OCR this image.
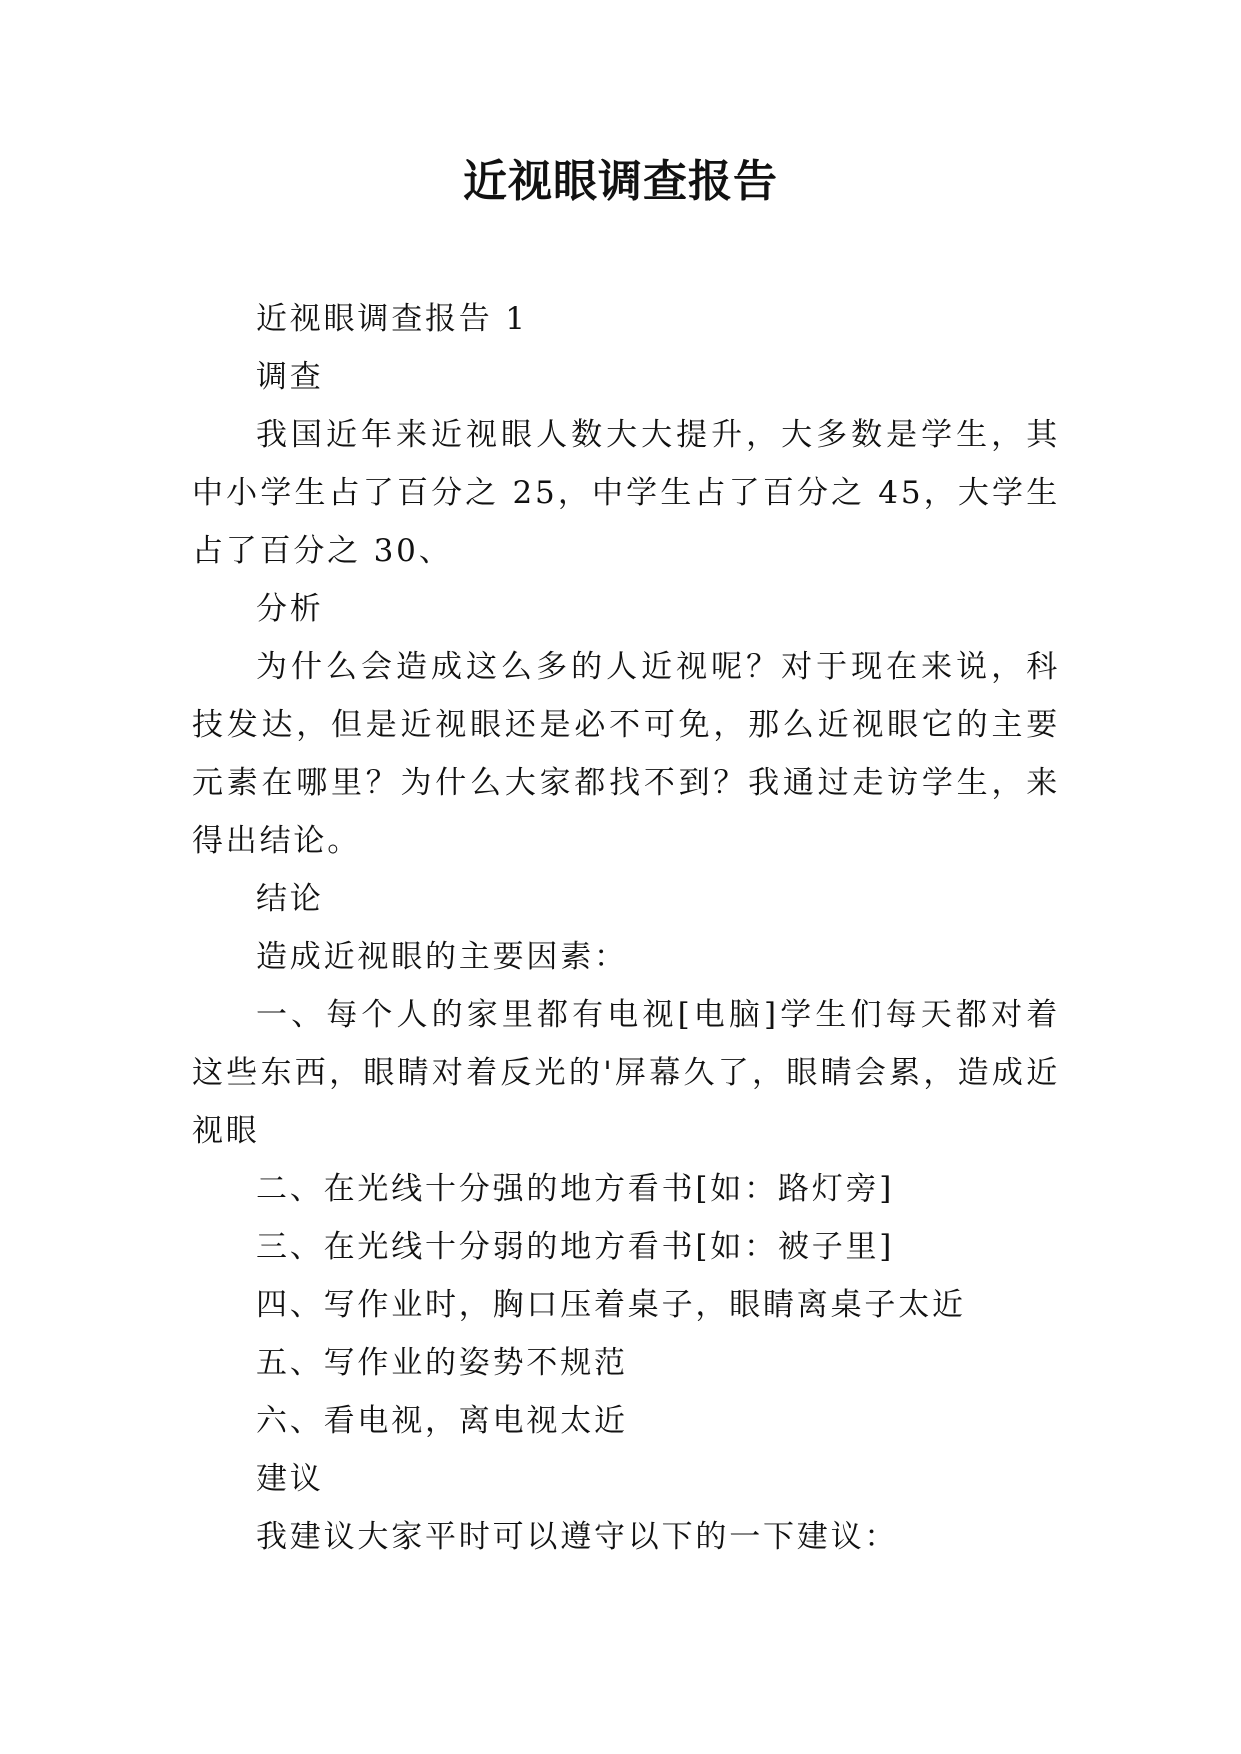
近视眼调查报告

近视眼调查报告 1

调查

我国近年来近视眼人数大大提升，大多数是学生，其中小学生占了百分之 25，中学生占了百分之 45，大学生占了百分之 30、

分析

为什么会造成这么多的人近视呢？对于现在来说，科技发达，但是近视眼还是必不可免，那么近视眼它的主要元素在哪里？为什么大家都找不到？我通过走访学生，来得出结论。

结论

造成近视眼的主要因素：

一、每个人的家里都有电视[电脑]学生们每天都对着这些东西，眼睛对着反光的'屏幕久了，眼睛会累，造成近视眼

二、在光线十分强的地方看书[如：路灯旁]

三、在光线十分弱的地方看书[如：被子里]

四、写作业时，胸口压着桌子，眼睛离桌子太近

五、写作业的姿势不规范

六、看电视，离电视太近

建议

我建议大家平时可以遵守以下的一下建议：
